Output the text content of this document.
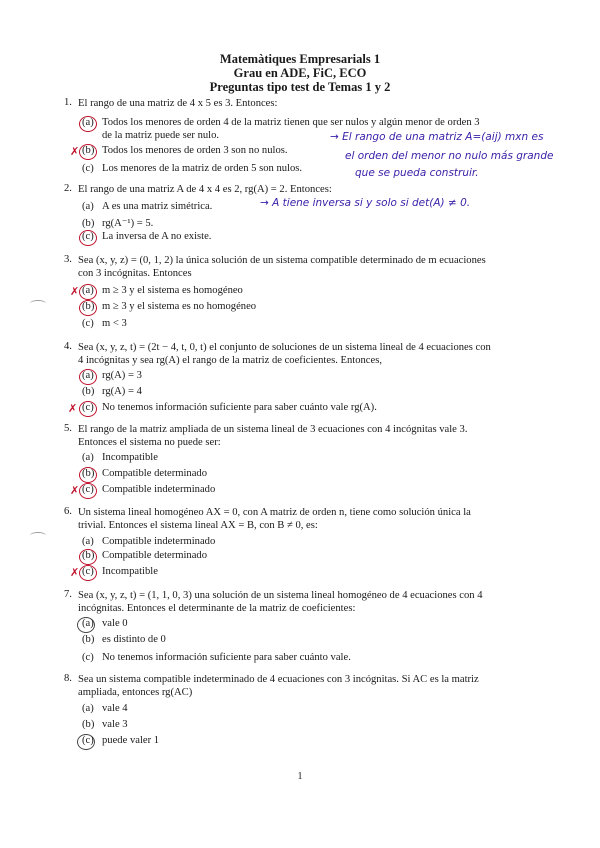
Matemàtiques Empresarials 1
Grau en ADE, FiC, ECO
Preguntas tipo test de Temas 1 y 2
1. El rango de una matriz de 4 x 5 es 3. Entonces:
(a) Todos los menores de orden 4 de la matriz tienen que ser nulos y algún menor de orden 3
de la matriz puede ser nulo.
✗ (b) Todos los menores de orden 3 son no nulos.
(c) Los menores de la matriz de orden 5 son nulos.
→ El rango de una matriz A=(aij) mxn es
el orden del menor no nulo más grande
que se pueda construir.
2. El rango de una matriz A de 4 x 4 es 2, rg(A) = 2. Entonces:
(a) A es una matriz simétrica.	→ A tiene inversa si y solo si det(A) ≠ 0.
(b) rg(A⁻¹) = 5.
(c) La inversa de A no existe.
3. Sea (x, y, z) = (0, 1, 2) la única solución de un sistema compatible determinado de m ecuaciones
con 3 incógnitas. Entonces
✗ (a) m ≥ 3 y el sistema es homogéneo
(b) m ≥ 3 y el sistema es no homogéneo
(c) m < 3
4. Sea (x, y, z, t) = (2t − 4, t, 0, t) el conjunto de soluciones de un sistema lineal de 4 ecuaciones con
4 incógnitas y sea rg(A) el rango de la matriz de coeficientes. Entonces,
(a) rg(A) = 3
(b) rg(A) = 4
✗ (c) No tenemos información suficiente para saber cuánto vale rg(A).
5. El rango de la matriz ampliada de un sistema lineal de 3 ecuaciones con 4 incógnitas vale 3.
Entonces el sistema no puede ser:
(a) Incompatible
(b) Compatible determinado
✗ (c) Compatible indeterminado
6. Un sistema lineal homogéneo AX = 0, con A matriz de orden n, tiene como solución única la
trivial. Entonces el sistema lineal AX = B, con B ≠ 0, es:
(a) Compatible indeterminado
(b) Compatible determinado
✗ (c) Incompatible
7. Sea (x, y, z, t) = (1, 1, 0, 3) una solución de un sistema lineal homogéneo de 4 ecuaciones con 4
incógnitas. Entonces el determinante de la matriz de coeficientes:
(a) vale 0
(b) es distinto de 0
(c) No tenemos información suficiente para saber cuánto vale.
8. Sea un sistema compatible indeterminado de 4 ecuaciones con 3 incógnitas. Si AC es la matriz
ampliada, entonces rg(AC)
(a) vale 4
(b) vale 3
(c) puede valer 1
1
